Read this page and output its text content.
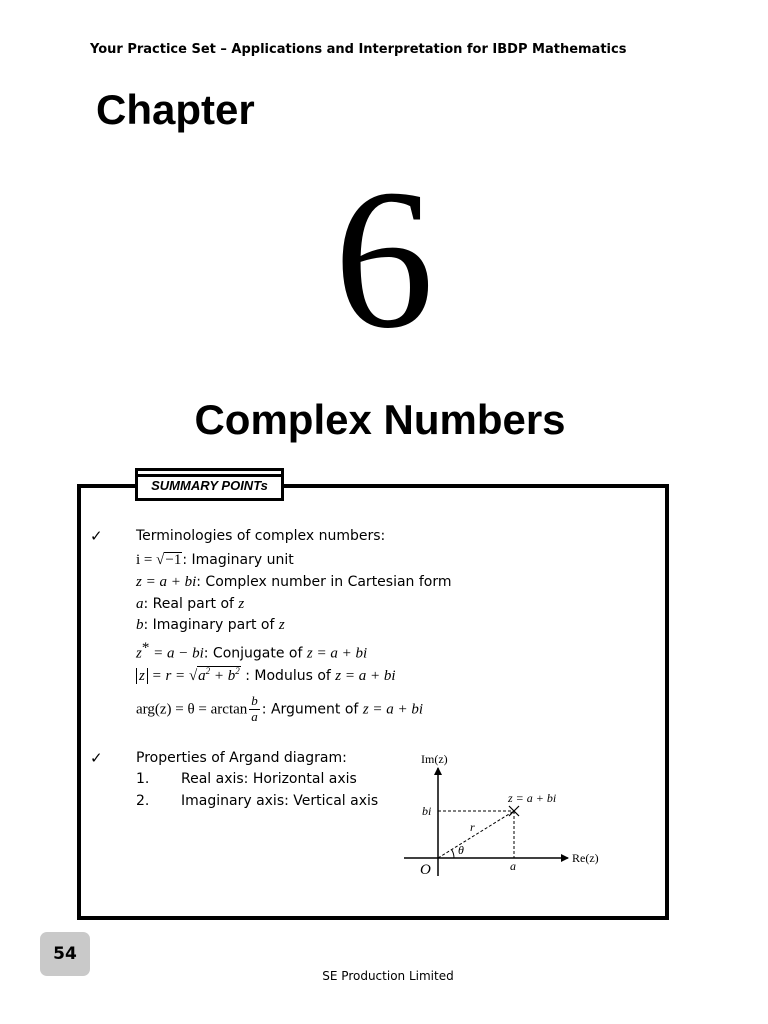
Your Practice Set – Applications and Interpretation for IBDP Mathematics
Chapter
6
Complex Numbers
SUMMARY POINTs
✓ Terminologies of complex numbers:
i = √−1: Imaginary unit
z = a + bi: Complex number in Cartesian form
a: Real part of z
b: Imaginary part of z
z* = a − bi: Conjugate of z = a + bi
$z = r = √a^2 + b^2$ : Modulus of z = a + bi
$arg(z) = \theta = \arctan \frac{b}{a}$ : Argument of z = a + bi
✓ Properties of Argand diagram:
1. Real axis: Horizontal axis
2. Imaginary axis: Vertical axis
Im(z)
Re(z)
O
bi
a
z = a + bi
r
θ
54
SE Production Limited
